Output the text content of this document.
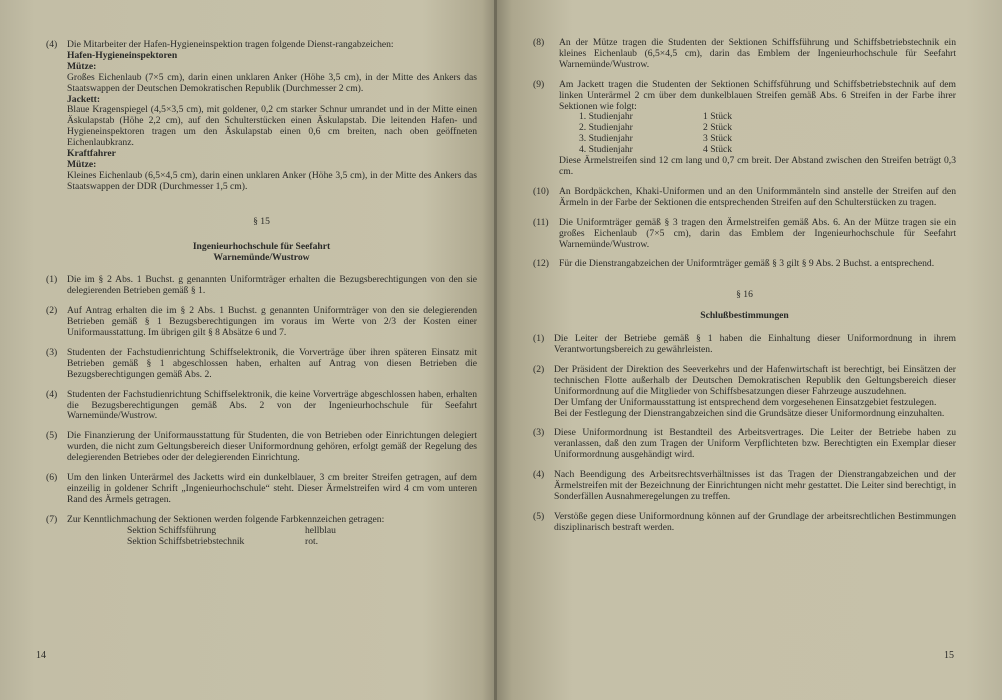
(4) Die Mitarbeiter der Hafen-Hygieneinspektion tragen folgende Dienst-rangabzeichen:

Hafen-Hygieneinspektoren

Mütze:

Großes Eichenlaub (7×5 cm), darin einen unklaren Anker (Höhe 3,5 cm), in der Mitte des Ankers das Staatswappen der Deutschen Demokratischen Republik (Durchmesser 2 cm).

Jackett:

Blaue Kragenspiegel (4,5×3,5 cm), mit goldener, 0,2 cm starker Schnur umrandet und in der Mitte einen Äskulapstab (Höhe 2,2 cm), auf den Schulterstücken einen Äskulapstab. Die leitenden Hafen- und Hygieneinspektoren tragen um den Äskulapstab einen 0,6 cm breiten, nach oben geöffneten Eichenlaubkranz.

Kraftfahrer

Mütze:

Kleines Eichenlaub (6,5×4,5 cm), darin einen unklaren Anker (Höhe 3,5 cm), in der Mitte des Ankers das Staatswappen der DDR (Durchmesser 1,5 cm).

§ 15

Ingenieurhochschule für Seefahrt

Warnemünde/Wustrow

(1) Die im § 2 Abs. 1 Buchst. g genannten Uniformträger erhalten die Bezugsberechtigungen von den sie delegierenden Betrieben gemäß § 1.

(2) Auf Antrag erhalten die im § 2 Abs. 1 Buchst. g genannten Uniformträger von den sie delegierenden Betrieben gemäß § 1 Bezugsberechtigungen im voraus im Werte von 2/3 der Kosten einer Uniformausstattung. Im übrigen gilt § 8 Absätze 6 und 7.

(3) Studenten der Fachstudienrichtung Schiffselektronik, die Vorverträge über ihren späteren Einsatz mit Betrieben gemäß § 1 abgeschlossen haben, erhalten auf Antrag von diesen Betrieben die Bezugsberechtigungen gemäß Abs. 2.

(4) Studenten der Fachstudienrichtung Schiffselektronik, die keine Vorverträge abgeschlossen haben, erhalten die Bezugsberechtigungen gemäß Abs. 2 von der Ingenieurhochschule für Seefahrt Warnemünde/Wustrow.

(5) Die Finanzierung der Uniformausstattung für Studenten, die von Betrieben oder Einrichtungen delegiert wurden, die nicht zum Geltungsbereich dieser Uniformordnung gehören, erfolgt gemäß der Regelung des delegierenden Betriebes oder der delegierenden Einrichtung.

(6) Um den linken Unterärmel des Jacketts wird ein dunkelblauer, 3 cm breiter Streifen getragen, auf dem einzeilig in goldener Schrift „Ingenieurhochschule“ steht. Dieser Ärmelstreifen wird 4 cm vom unteren Rand des Ärmels getragen.

(7) Zur Kenntlichmachung der Sektionen werden folgende Farbkennzeichen getragen:

Sektion Schiffsführung	hellblau
Sektion Schiffsbetriebstechnik	rot.
14
(8) An der Mütze tragen die Studenten der Sektionen Schiffsführung und Schiffsbetriebstechnik ein kleines Eichenlaub (6,5×4,5 cm), darin das Emblem der Ingenieurhochschule für Seefahrt Warnemünde/Wustrow.

(9) Am Jackett tragen die Studenten der Sektionen Schiffsführung und Schiffsbetriebstechnik auf dem linken Unterärmel 2 cm über dem dunkelblauen Streifen gemäß Abs. 6 Streifen in der Farbe ihrer Sektionen wie folgt:

1. Studienjahr	1 Stück
2. Studienjahr	2 Stück
3. Studienjahr	3 Stück
4. Studienjahr	4 Stück

Diese Ärmelstreifen sind 12 cm lang und 0,7 cm breit. Der Abstand zwischen den Streifen beträgt 0,3 cm.

(10) An Bordpäckchen, Khaki-Uniformen und an den Uniformmänteln sind anstelle der Streifen auf den Ärmeln in der Farbe der Sektionen die entsprechenden Streifen auf den Schulterstücken zu tragen.

(11) Die Uniformträger gemäß § 3 tragen den Ärmelstreifen gemäß Abs. 6. An der Mütze tragen sie ein großes Eichenlaub (7×5 cm), darin das Emblem der Ingenieurhochschule für Seefahrt Warnemünde/Wustrow.

(12) Für die Dienstrangabzeichen der Uniformträger gemäß § 3 gilt § 9 Abs. 2 Buchst. a entsprechend.

§ 16

Schlußbestimmungen

(1) Die Leiter der Betriebe gemäß § 1 haben die Einhaltung dieser Uniformordnung in ihrem Verantwortungsbereich zu gewährleisten.

(2) Der Präsident der Direktion des Seeverkehrs und der Hafenwirtschaft ist berechtigt, bei Einsätzen der technischen Flotte außerhalb der Deutschen Demokratischen Republik den Geltungsbereich dieser Uniformordnung auf die Mitglieder von Schiffsbesatzungen dieser Fahrzeuge auszudehnen.

Der Umfang der Uniformausstattung ist entsprechend dem vorgesehenen Einsatzgebiet festzulegen.

Bei der Festlegung der Dienstrangabzeichen sind die Grundsätze dieser Uniformordnung einzuhalten.

(3) Diese Uniformordnung ist Bestandteil des Arbeitsvertrages. Die Leiter der Betriebe haben zu veranlassen, daß den zum Tragen der Uniform Verpflichteten bzw. Berechtigten ein Exemplar dieser Uniformordnung ausgehändigt wird.

(4) Nach Beendigung des Arbeitsrechtsverhältnisses ist das Tragen der Dienstrangabzeichen und der Ärmelstreifen mit der Bezeichnung der Einrichtungen nicht mehr gestattet. Die Leiter sind berechtigt, in Sonderfällen Ausnahmeregelungen zu treffen.

(5) Verstöße gegen diese Uniformordnung können auf der Grundlage der arbeitsrechtlichen Bestimmungen disziplinarisch bestraft werden.

15
